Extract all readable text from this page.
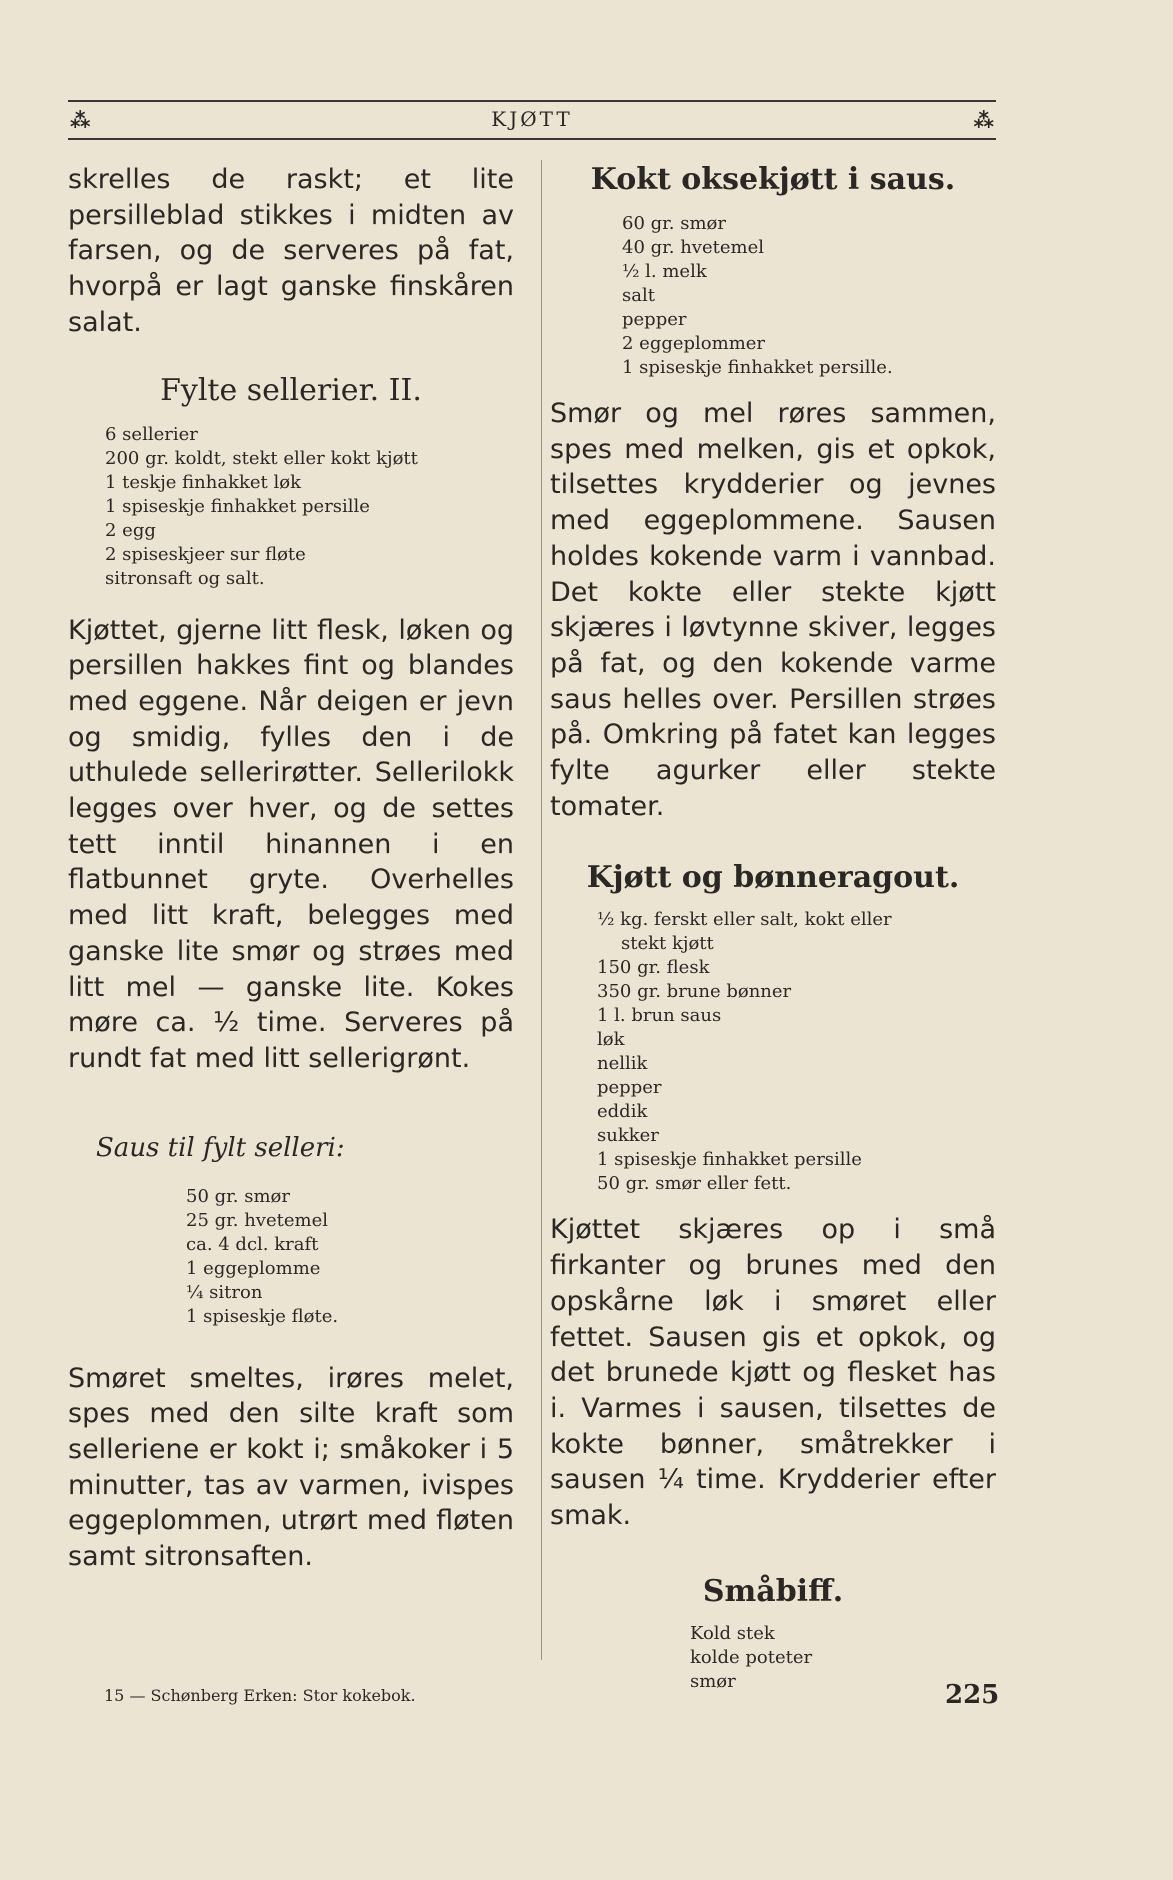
⁂	KJØTT	⁂

skrelles de raskt; et lite persilleblad stikkes i midten av farsen, og de serveres på fat, hvorpå er lagt ganske finskåren salat.

Fylte sellerier. II.
6 sellerier
200 gr. koldt, stekt eller kokt kjøtt
1 teskje finhakket løk
1 spiseskje finhakket persille
2 egg
2 spiseskjeer sur fløte
sitronsaft og salt.

Kjøttet, gjerne litt flesk, løken og persillen hakkes fint og blandes med eggene. Når deigen er jevn og smidig, fylles den i de uthulede sellerirøtter. Sellerilokk legges over hver, og de settes tett inntil hinannen i en flatbunnet gryte. Overhelles med litt kraft, belegges med ganske lite smør og strøes med litt mel — ganske lite. Kokes møre ca. ½ time. Serveres på rundt fat med litt sellerigrønt.

Saus til fylt selleri:

50 gr. smør
25 gr. hvetemel
ca. 4 dcl. kraft
1 eggeplomme
¼ sitron
1 spiseskje fløte.

Smøret smeltes, irøres melet, spes med den silte kraft som selleriene er kokt i; småkoker i 5 minutter, tas av varmen, ivispes eggeplommen, utrørt med fløten samt sitronsaften.

Kokt oksekjøtt i saus.
60 gr. smør
40 gr. hvetemel
½ l. melk
salt
pepper
2 eggeplommer
1 spiseskje finhakket persille.

Smør og mel røres sammen, spes med melken, gis et opkok, tilsettes krydderier og jevnes med eggeplommene. Sausen holdes kokende varm i vannbad. Det kokte eller stekte kjøtt skjæres i løvtynne skiver, legges på fat, og den kokende varme saus helles over. Persillen strøes på. Omkring på fatet kan legges fylte agurker eller stekte tomater.

Kjøtt og bønneragout.
½ kg. ferskt eller salt, kokt eller
stekt kjøtt
150 gr. flesk
350 gr. brune bønner
1 l. brun saus
løk
nellik
pepper
eddik
sukker
1 spiseskje finhakket persille
50 gr. smør eller fett.

Kjøttet skjæres op i små firkanter og brunes med den opskårne løk i smøret eller fettet. Sausen gis et opkok, og det brunede kjøtt og flesket has i. Varmes i sausen, tilsettes de kokte bønner, småtrekker i sausen ¼ time. Krydderier efter smak.

Småbiff.
Kold stek
kolde poteter
smør
15 — Schønberg Erken: Stor kokebok.	225
